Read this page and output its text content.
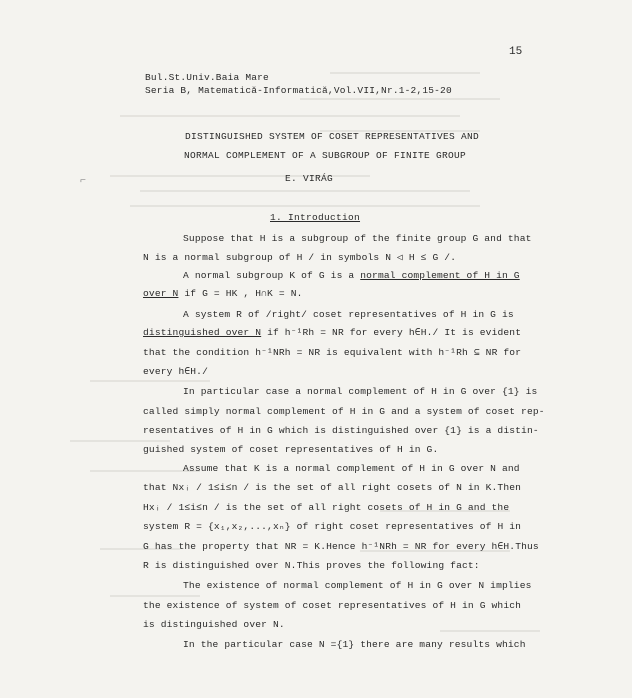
⌐
15
Bul.St.Univ.Baia Mare
Seria B, Matematică-Informatică,Vol.VII,Nr.1-2,15-20
DISTINGUISHED SYSTEM OF COSET REPRESENTATIVES AND
NORMAL COMPLEMENT OF A SUBGROUP OF FINITE GROUP
E. VIRÁG
1. Introduction
Suppose that H is a subgroup of the finite group G and that
N is a normal subgroup of H / in symbols N ◁ H ≤ G /.
A normal subgroup K of G is a normal complement of H in G
over N if G = HK , H∩K = N.
A system R of /right/ coset representatives of H in G is
distinguished over N if h⁻¹Rh = NR for every h∈H./ It is evident
that the condition h⁻¹NRh = NR is equivalent with h⁻¹Rh ⊆ NR for
every h∈H./
In particular case a normal complement of H in G over {1} is
called simply normal complement of H in G and a system of coset rep-
resentatives of H in G which is distinguished over {1} is a distin-
guished system of coset representatives of H in G.
Assume that K is a normal complement of H in G over N and
that Nxᵢ / 1≤i≤n / is the set of all right cosets of N in K.Then
Hxᵢ / 1≤i≤n / is the set of all right cosets of H in G and the
system R = {x₁,x₂,...,xₙ} of right coset representatives of H in
G has the property that NR = K.Hence h⁻¹NRh = NR for every h∈H.Thus
R is distinguished over N.This proves the following fact:
The existence of normal complement of H in G over N implies
the existence of system of coset representatives of H in G which
is distinguished over N.
In the particular case N ={1} there are many results which
